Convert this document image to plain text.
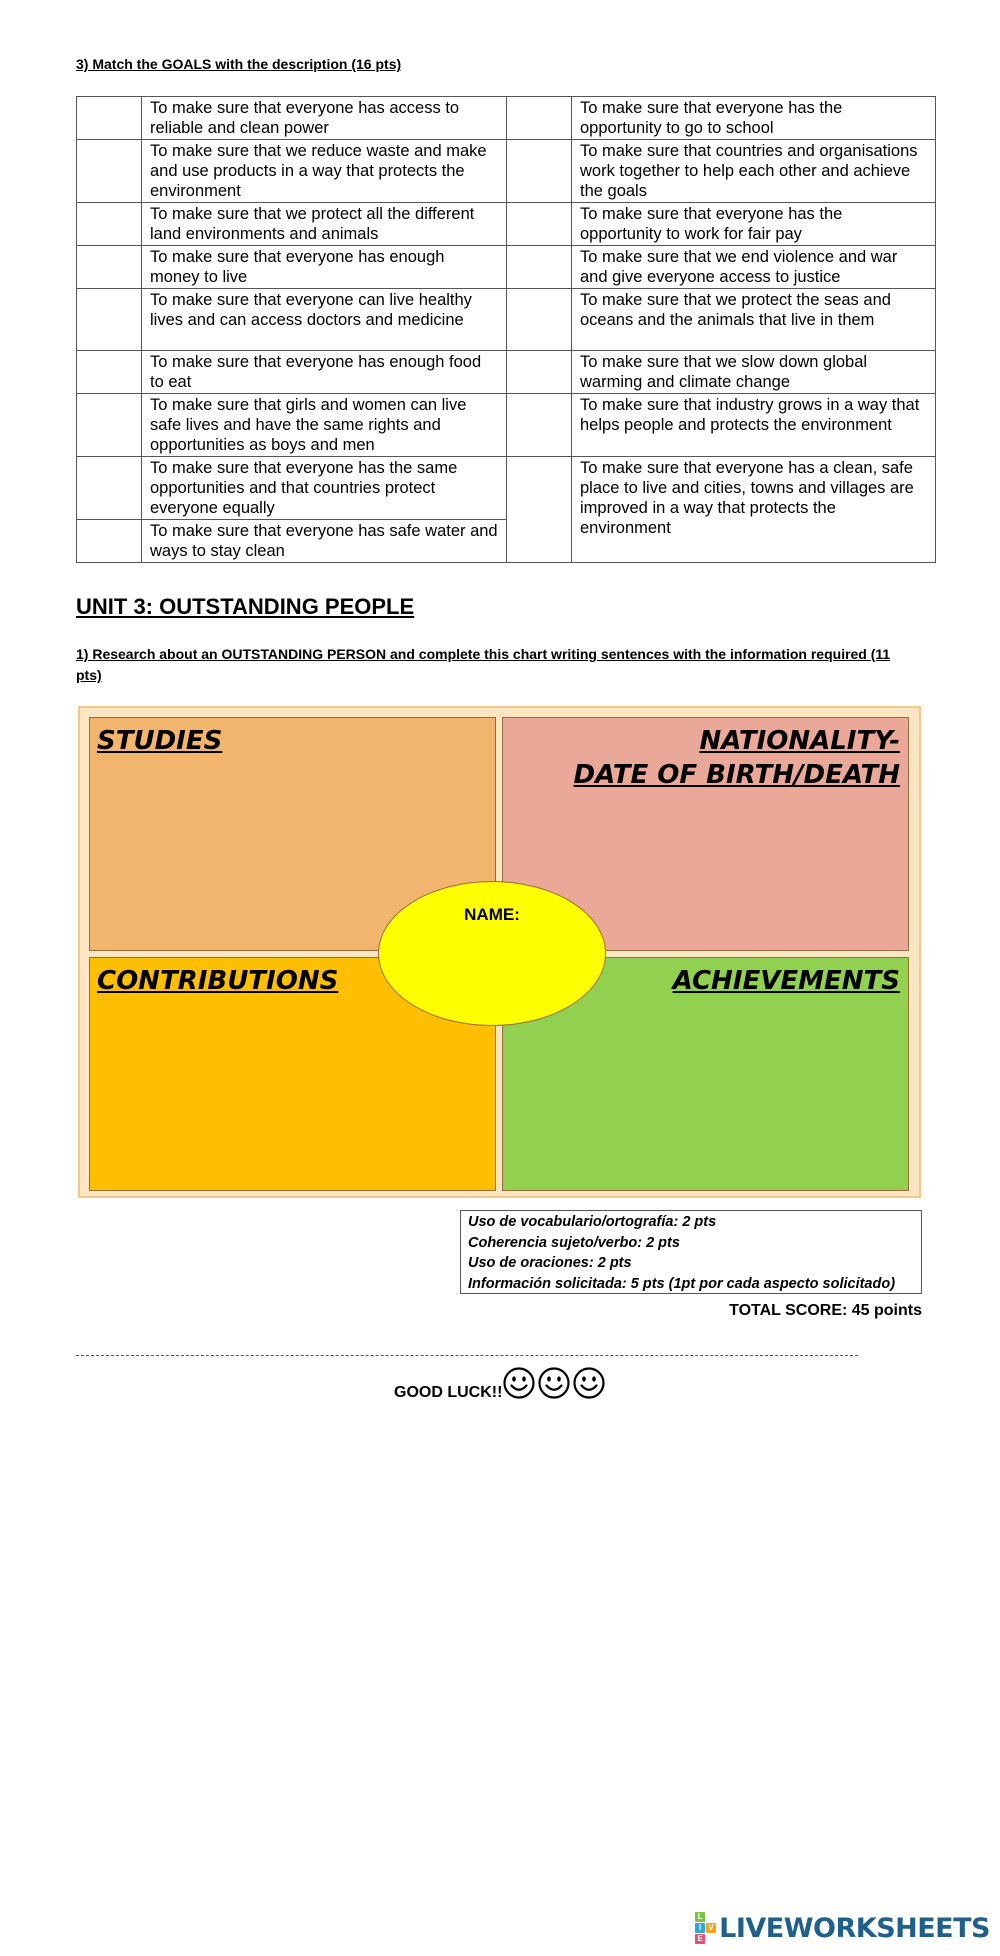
3) Match the GOALS with the description (16 pts)
	To make sure that everyone has access to reliable and clean power		To make sure that everyone has the opportunity to go to school
	To make sure that we reduce waste and make and use products in a way that protects the environment		To make sure that countries and organisations work together to help each other and achieve the goals
	To make sure that we protect all the different land environments and animals		To make sure that everyone has the opportunity to work for fair pay
	To make sure that everyone has enough money to live		To make sure that we end violence and war and give everyone access to justice
	To make sure that everyone can live healthy lives and can access doctors and medicine		To make sure that we protect the seas and oceans and the animals that live in them
	To make sure that everyone has enough food to eat		To make sure that we slow down global warming and climate change
	To make sure that girls and women can live safe lives and have the same rights and opportunities as boys and men		To make sure that industry grows in a way that helps people and protects the environment
	To make sure that everyone has the same opportunities and that countries protect everyone equally		To make sure that everyone has a clean, safe place to live and cities, towns and villages are improved in a way that protects the environment
	To make sure that everyone has safe water and ways to stay clean		
UNIT 3: OUTSTANDING PEOPLE
1) Research about an OUTSTANDING PERSON and complete this chart writing sentences with the information required (11 pts)
STUDIES	NATIONALITY-
DATE OF BIRTH/DEATH
CONTRIBUTIONS	ACHIEVEMENTS
NAME:
Uso de vocabulario/ortografía: 2 pts
Coherencia sujeto/verbo: 2 pts
Uso de oraciones: 2 pts
Información solicitada: 5 pts (1pt por cada aspecto solicitado)
TOTAL SCORE: 45 points
GOOD LUCK!!
L
I V
E LIVEWORKSHEETS
